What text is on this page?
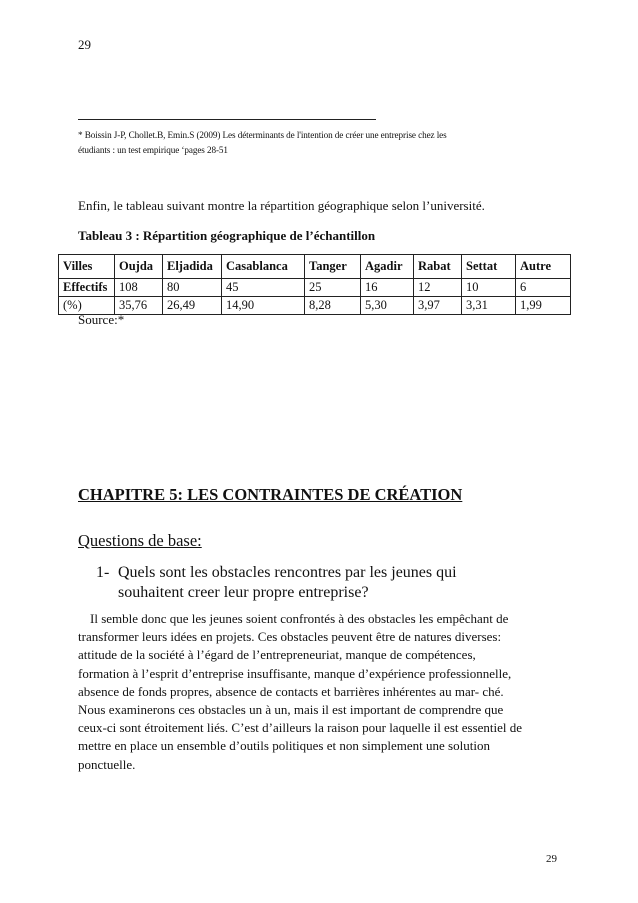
29
* Boissin J-P, Chollet.B, Emin.S (2009) Les déterminants de l'intention de créer une entreprise chez les
étudiants : un test empirique ‘pages 28-51
Enfin, le tableau suivant montre la répartition géographique selon l’université.
Tableau 3 : Répartition géographique de l’échantillon
Villes	Oujda	Eljadida	Casablanca	Tanger	Agadir	Rabat	Settat	Autre
Effectifs	108	80	45	25	16	12	10	6
(%)	35,76	26,49	14,90	8,28	5,30	3,97	3,31	1,99
Source:*
CHAPITRE 5: LES CONTRAINTES DE CRÉATION
Questions de base:
1- Quels sont les obstacles rencontres par les jeunes qui souhaitent creer leur propre entreprise?
Il semble donc que les jeunes soient confrontés à des obstacles les empêchant de
transformer leurs idées en projets. Ces obstacles peuvent être de natures diverses:
attitude de la société à l’égard de l’entrepreneuriat, manque de compétences,
formation à l’esprit d’entreprise insuffisante, manque d’expérience professionnelle,
absence de fonds propres, absence de contacts et barrières inhérentes au mar- ché.
Nous examinerons ces obstacles un à un, mais il est important de comprendre que
ceux-ci sont étroitement liés. C’est d’ailleurs la raison pour laquelle il est essentiel de
mettre en place un ensemble d’outils politiques et non simplement une solution
ponctuelle.
29
